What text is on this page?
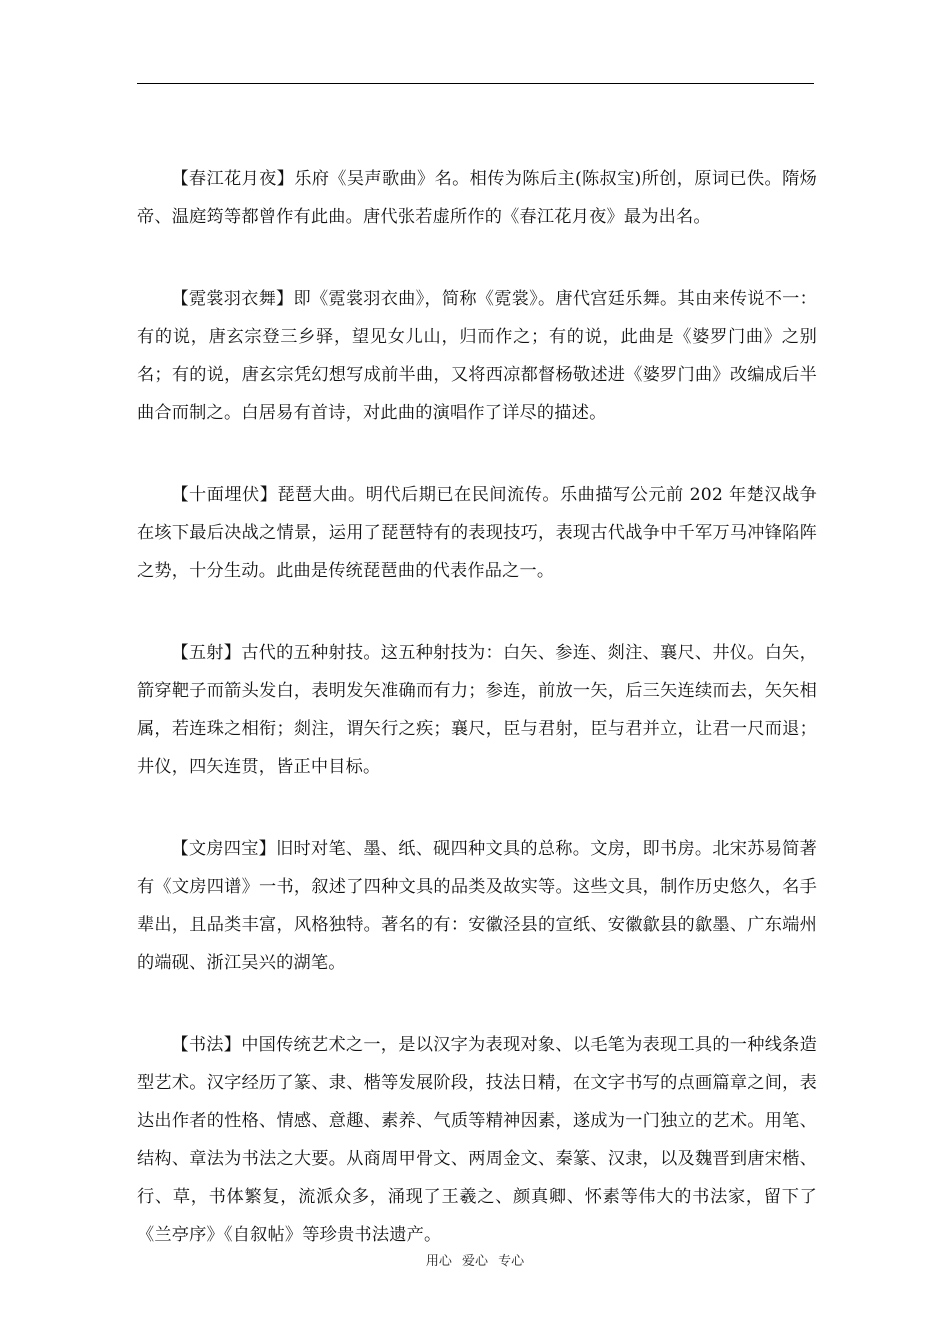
【春江花月夜】乐府《吴声歌曲》名。相传为陈后主(陈叔宝)所创，原词已佚。隋炀帝、温庭筠等都曾作有此曲。唐代张若虚所作的《春江花月夜》最为出名。

【霓裳羽衣舞】即《霓裳羽衣曲》，简称《霓裳》。唐代宫廷乐舞。其由来传说不一：有的说，唐玄宗登三乡驿，望见女儿山，归而作之；有的说，此曲是《婆罗门曲》之别名；有的说，唐玄宗凭幻想写成前半曲，又将西凉都督杨敬述进《婆罗门曲》改编成后半曲合而制之。白居易有首诗，对此曲的演唱作了详尽的描述。

【十面埋伏】琵琶大曲。明代后期已在民间流传。乐曲描写公元前 202 年楚汉战争在垓下最后决战之情景，运用了琵琶特有的表现技巧，表现古代战争中千军万马冲锋陷阵之势，十分生动。此曲是传统琵琶曲的代表作品之一。

【五射】古代的五种射技。这五种射技为：白矢、参连、剡注、襄尺、井仪。白矢，箭穿靶子而箭头发白，表明发矢准确而有力；参连，前放一矢，后三矢连续而去，矢矢相属，若连珠之相衔；剡注，谓矢行之疾；襄尺，臣与君射，臣与君并立，让君一尺而退；井仪，四矢连贯，皆正中目标。

【文房四宝】旧时对笔、墨、纸、砚四种文具的总称。文房，即书房。北宋苏易简著有《文房四谱》一书，叙述了四种文具的品类及故实等。这些文具，制作历史悠久，名手辈出，且品类丰富，风格独特。著名的有：安徽泾县的宣纸、安徽歙县的歙墨、广东端州的端砚、浙江吴兴的湖笔。

【书法】中国传统艺术之一，是以汉字为表现对象、以毛笔为表现工具的一种线条造型艺术。汉字经历了篆、隶、楷等发展阶段，技法日精，在文字书写的点画篇章之间，表达出作者的性格、情感、意趣、素养、气质等精神因素，遂成为一门独立的艺术。用笔、结构、章法为书法之大要。从商周甲骨文、两周金文、秦篆、汉隶，以及魏晋到唐宋楷、行、草，书体繁复，流派众多，涌现了王羲之、颜真卿、怀素等伟大的书法家，留下了《兰亭序》《自叙帖》等珍贵书法遗产。

用心 爱心 专心
